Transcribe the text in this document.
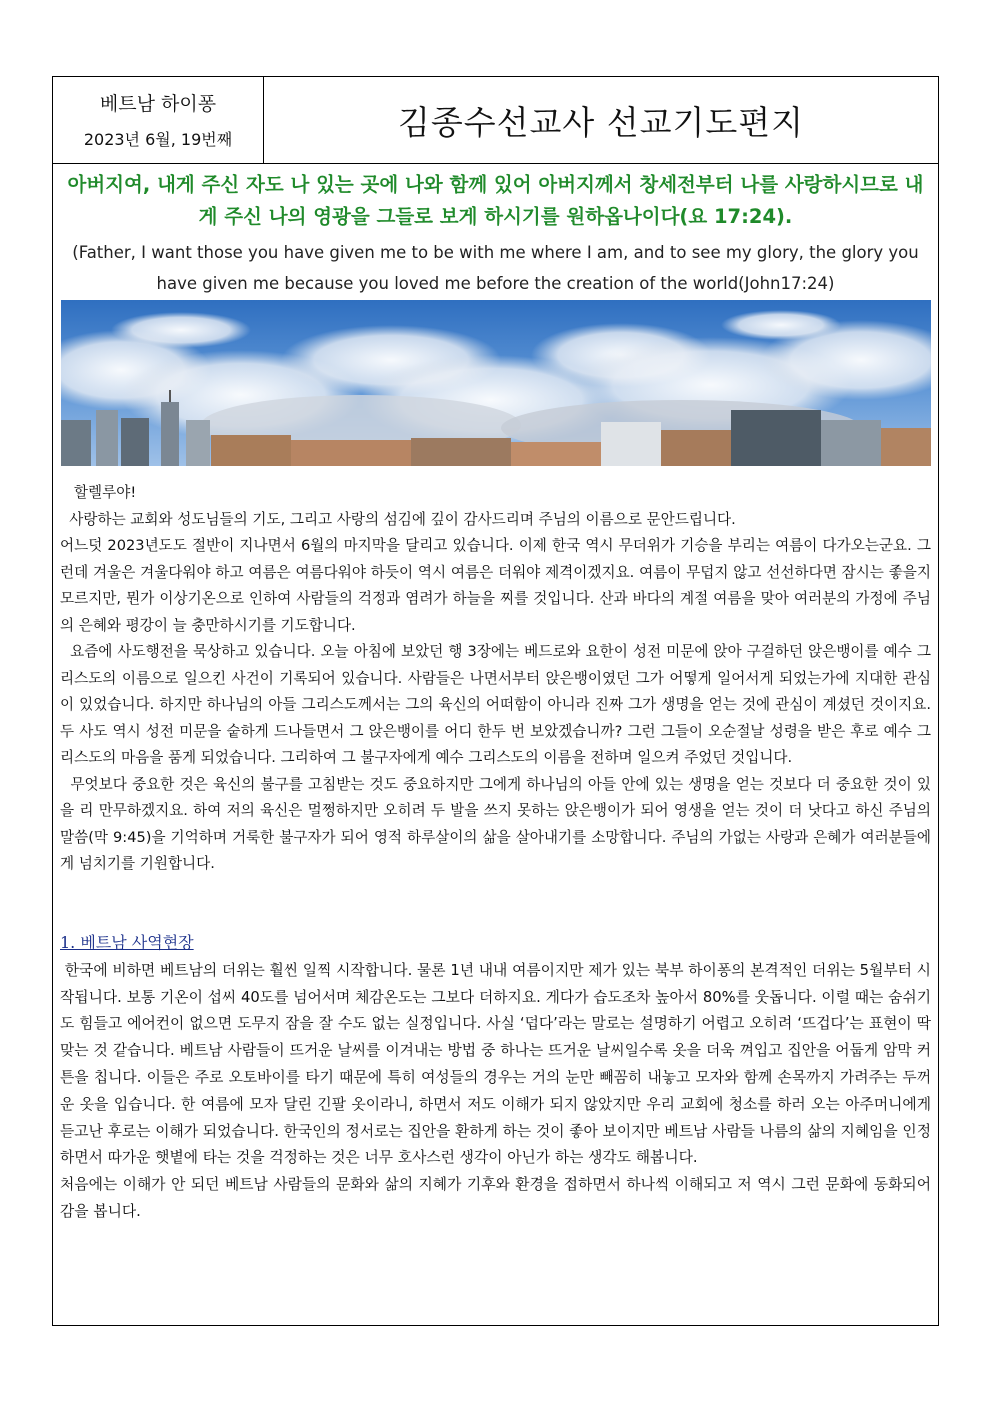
베트남 하이퐁
2023년 6월, 19번째	김종수선교사 선교기도편지
아버지여, 내게 주신 자도 나 있는 곳에 나와 함께 있어 아버지께서 창세전부터 나를 사랑하시므로 내게 주신 나의 영광을 그들로 보게 하시기를 원하옵나이다(요 17:24).
(Father, I want those you have given me to be with me where I am, and to see my glory, the glory you have given me because you loved me before the creation of the world(John17:24)

할렐루야!

사랑하는 교회와 성도님들의 기도, 그리고 사랑의 섬김에 깊이 감사드리며 주님의 이름으로 문안드립니다.

어느덧 2023년도도 절반이 지나면서 6월의 마지막을 달리고 있습니다. 이제 한국 역시 무더위가 기승을 부리는 여름이 다가오는군요. 그런데 겨울은 겨울다워야 하고 여름은 여름다워야 하듯이 역시 여름은 더워야 제격이겠지요. 여름이 무덥지 않고 선선하다면 잠시는 좋을지 모르지만, 뭔가 이상기온으로 인하여 사람들의 걱정과 염려가 하늘을 찌를 것입니다. 산과 바다의 계절 여름을 맞아 여러분의 가정에 주님의 은혜와 평강이 늘 충만하시기를 기도합니다.

요즘에 사도행전을 묵상하고 있습니다. 오늘 아침에 보았던 행 3장에는 베드로와 요한이 성전 미문에 앉아 구걸하던 앉은뱅이를 예수 그리스도의 이름으로 일으킨 사건이 기록되어 있습니다. 사람들은 나면서부터 앉은뱅이였던 그가 어떻게 일어서게 되었는가에 지대한 관심이 있었습니다. 하지만 하나님의 아들 그리스도께서는 그의 육신의 어떠함이 아니라 진짜 그가 생명을 얻는 것에 관심이 계셨던 것이지요. 두 사도 역시 성전 미문을 숱하게 드나들면서 그 앉은뱅이를 어디 한두 번 보았겠습니까? 그런 그들이 오순절날 성령을 받은 후로 예수 그리스도의 마음을 품게 되었습니다. 그리하여 그 불구자에게 예수 그리스도의 이름을 전하며 일으켜 주었던 것입니다.

무엇보다 중요한 것은 육신의 불구를 고침받는 것도 중요하지만 그에게 하나님의 아들 안에 있는 생명을 얻는 것보다 더 중요한 것이 있을 리 만무하겠지요. 하여 저의 육신은 멀쩡하지만 오히려 두 발을 쓰지 못하는 앉은뱅이가 되어 영생을 얻는 것이 더 낫다고 하신 주님의 말씀(막 9:45)을 기억하며 거룩한 불구자가 되어 영적 하루살이의 삶을 살아내기를 소망합니다. 주님의 가없는 사랑과 은혜가 여러분들에게 넘치기를 기원합니다.

1. 베트남 사역현장

한국에 비하면 베트남의 더위는 훨씬 일찍 시작합니다. 물론 1년 내내 여름이지만 제가 있는 북부 하이퐁의 본격적인 더위는 5월부터 시작됩니다. 보통 기온이 섭씨 40도를 넘어서며 체감온도는 그보다 더하지요. 게다가 습도조차 높아서 80%를 웃돕니다. 이럴 때는 숨쉬기도 힘들고 에어컨이 없으면 도무지 잠을 잘 수도 없는 실정입니다. 사실 ‘덥다’라는 말로는 설명하기 어렵고 오히려 ‘뜨겁다’는 표현이 딱 맞는 것 같습니다. 베트남 사람들이 뜨거운 날씨를 이겨내는 방법 중 하나는 뜨거운 날씨일수록 옷을 더욱 껴입고 집안을 어둡게 암막 커튼을 칩니다. 이들은 주로 오토바이를 타기 때문에 특히 여성들의 경우는 거의 눈만 빼꼼히 내놓고 모자와 함께 손목까지 가려주는 두꺼운 옷을 입습니다. 한 여름에 모자 달린 긴팔 옷이라니, 하면서 저도 이해가 되지 않았지만 우리 교회에 청소를 하러 오는 아주머니에게 듣고난 후로는 이해가 되었습니다. 한국인의 정서로는 집안을 환하게 하는 것이 좋아 보이지만 베트남 사람들 나름의 삶의 지혜임을 인정하면서 따가운 햇볕에 타는 것을 걱정하는 것은 너무 호사스런 생각이 아닌가 하는 생각도 해봅니다.

처음에는 이해가 안 되던 베트남 사람들의 문화와 삶의 지혜가 기후와 환경을 접하면서 하나씩 이해되고 저 역시 그런 문화에 동화되어 감을 봅니다.
